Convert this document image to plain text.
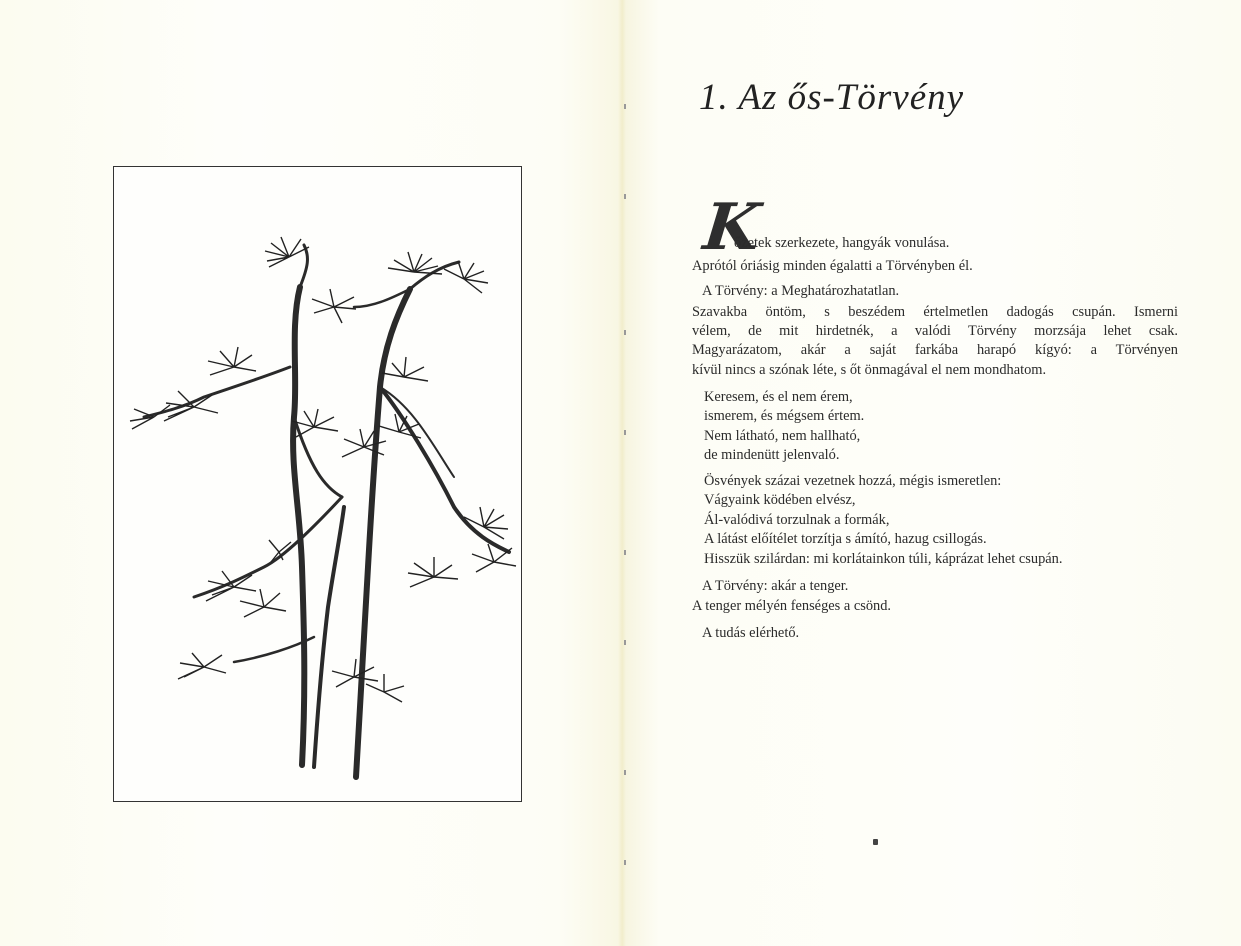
1. Az ős-Törvény
K
őzetek szerkezete, hangyák vonulása.
Aprótól óriásig minden égalatti a Törvényben él.
A Törvény: a Meghatározhatatlan.
Szavakba öntöm, s beszédem értelmetlen dadogás csupán. Ismerni
vélem, de mit hirdetnék, a valódi Törvény morzsája lehet csak.
Magyarázatom, akár a saját farkába harapó kígyó: a Törvényen
kívül nincs a szónak léte, s őt önmagával el nem mondhatom.
Keresem, és el nem érem,
ismerem, és mégsem értem.
Nem látható, nem hallható,
de mindenütt jelenvaló.
Ösvények százai vezetnek hozzá, mégis ismeretlen:
Vágyaink ködében elvész,
Ál-valódivá torzulnak a formák,
A látást előítélet torzítja s ámító, hazug csillogás.
Hisszük szilárdan: mi korlátainkon túli, káprázat lehet csupán.
A Törvény: akár a tenger.
A tenger mélyén fenséges a csönd.
A tudás elérhető.
